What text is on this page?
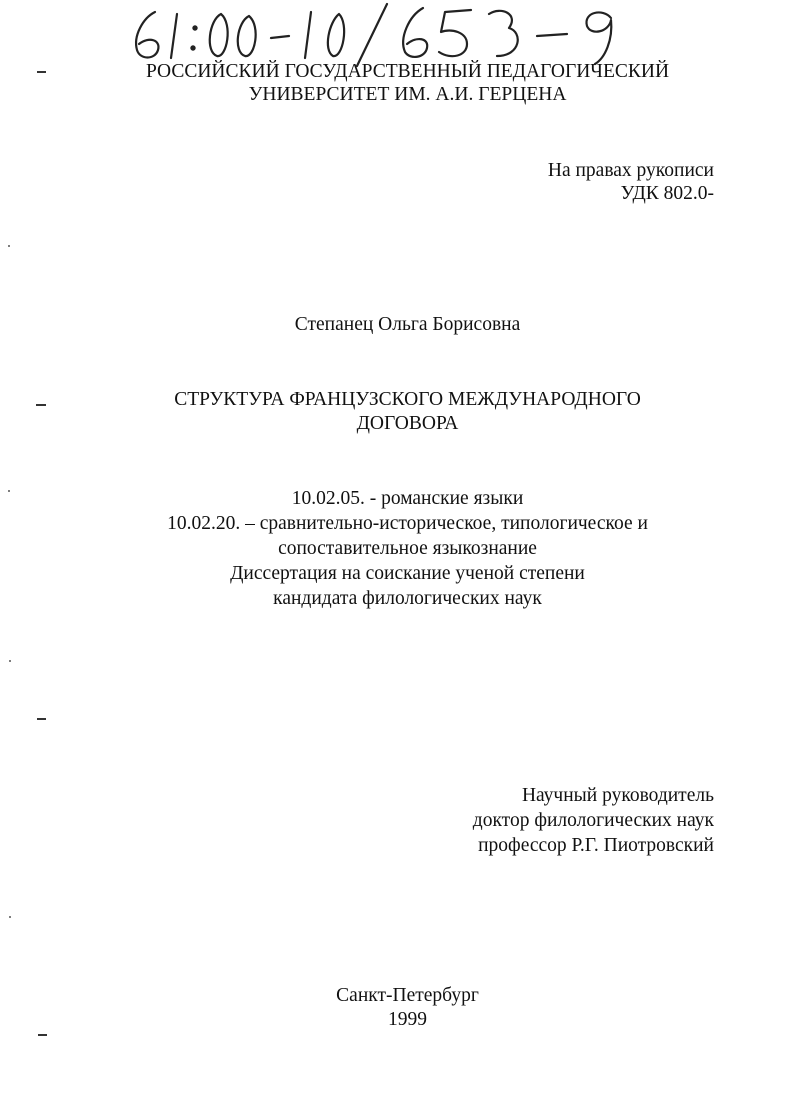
РОССИЙСКИЙ ГОСУДАРСТВЕННЫЙ ПЕДАГОГИЧЕСКИЙ
УНИВЕРСИТЕТ ИМ. А.И. ГЕРЦЕНА
На правах рукописи
УДК 802.0-
Степанец Ольга Борисовна
СТРУКТУРА ФРАНЦУЗСКОГО МЕЖДУНАРОДНОГО
ДОГОВОРА
10.02.05. - романские языки
10.02.20. – сравнительно-историческое, типологическое и
сопоставительное языкознание
Диссертация на соискание ученой степени
кандидата филологических наук
Научный руководитель
доктор филологических наук
профессор Р.Г. Пиотровский
Санкт-Петербург
1999
